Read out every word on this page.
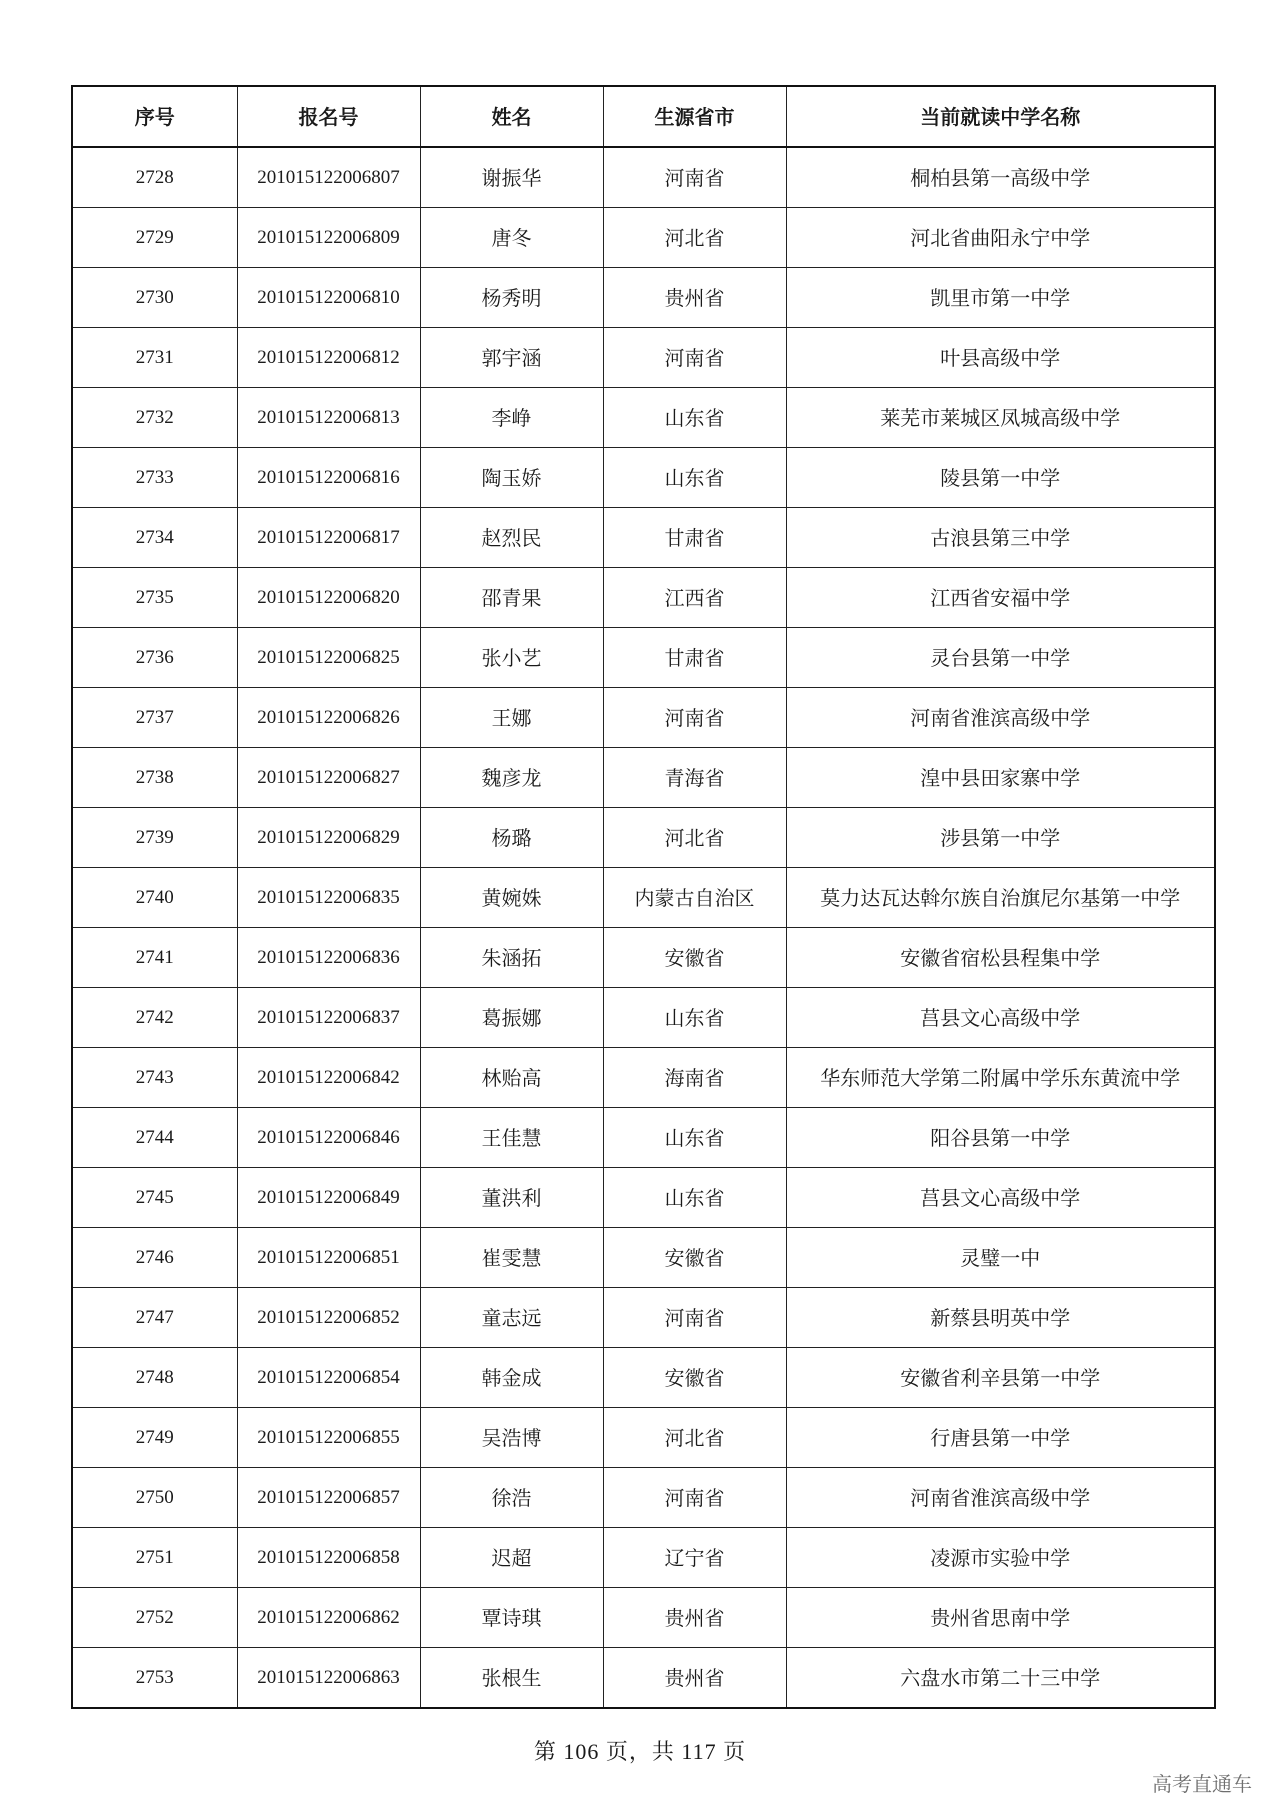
序号	报名号	姓名	生源省市	当前就读中学名称
2728	201015122006807	谢振华	河南省	桐柏县第一高级中学
2729	201015122006809	唐冬	河北省	河北省曲阳永宁中学
2730	201015122006810	杨秀明	贵州省	凯里市第一中学
2731	201015122006812	郭宇涵	河南省	叶县高级中学
2732	201015122006813	李峥	山东省	莱芜市莱城区凤城高级中学
2733	201015122006816	陶玉娇	山东省	陵县第一中学
2734	201015122006817	赵烈民	甘肃省	古浪县第三中学
2735	201015122006820	邵青果	江西省	江西省安福中学
2736	201015122006825	张小艺	甘肃省	灵台县第一中学
2737	201015122006826	王娜	河南省	河南省淮滨高级中学
2738	201015122006827	魏彦龙	青海省	湟中县田家寨中学
2739	201015122006829	杨璐	河北省	涉县第一中学
2740	201015122006835	黄婉姝	内蒙古自治区	莫力达瓦达斡尔族自治旗尼尔基第一中学
2741	201015122006836	朱涵拓	安徽省	安徽省宿松县程集中学
2742	201015122006837	葛振娜	山东省	莒县文心高级中学
2743	201015122006842	林贻高	海南省	华东师范大学第二附属中学乐东黄流中学
2744	201015122006846	王佳慧	山东省	阳谷县第一中学
2745	201015122006849	董洪利	山东省	莒县文心高级中学
2746	201015122006851	崔雯慧	安徽省	灵璧一中
2747	201015122006852	童志远	河南省	新蔡县明英中学
2748	201015122006854	韩金成	安徽省	安徽省利辛县第一中学
2749	201015122006855	吴浩博	河北省	行唐县第一中学
2750	201015122006857	徐浩	河南省	河南省淮滨高级中学
2751	201015122006858	迟超	辽宁省	凌源市实验中学
2752	201015122006862	覃诗琪	贵州省	贵州省思南中学
2753	201015122006863	张根生	贵州省	六盘水市第二十三中学
第 106 页，共 117 页
高考直通车
